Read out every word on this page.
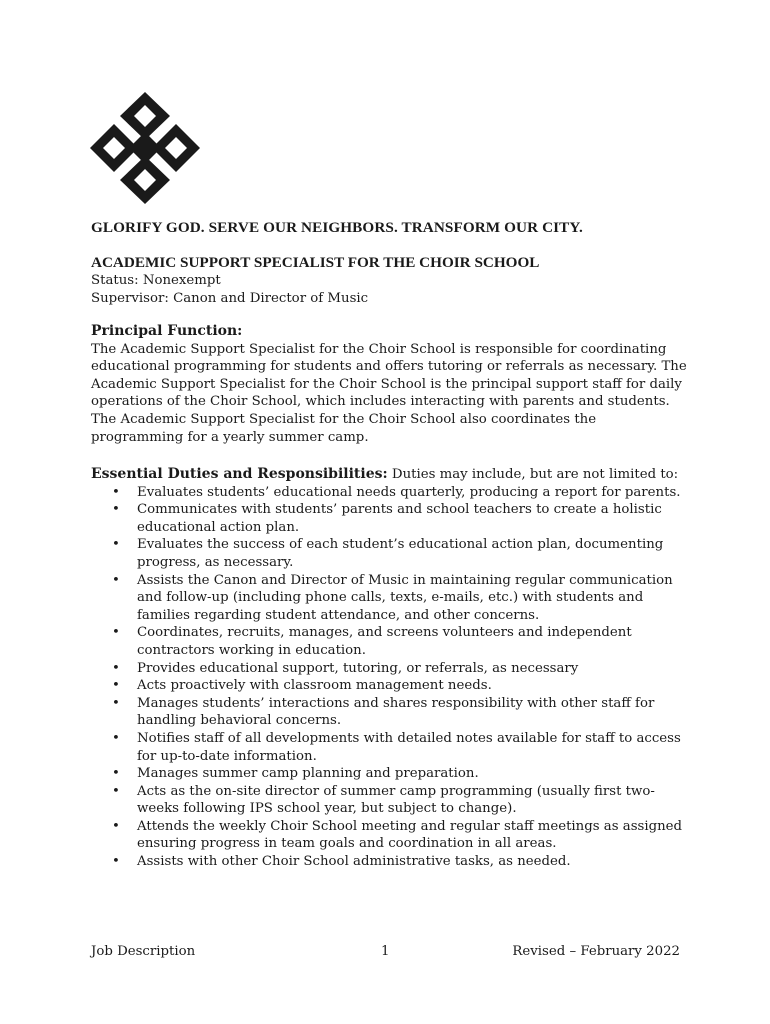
GLORIFY GOD. SERVE OUR NEIGHBORS. TRANSFORM OUR CITY.
ACADEMIC SUPPORT SPECIALIST FOR THE CHOIR SCHOOL
Status: Nonexempt
Supervisor: Canon and Director of Music
Principal Function:

The Academic Support Specialist for the Choir School is responsible for coordinating educational programming for students and offers tutoring or referrals as necessary. The Academic Support Specialist for the Choir School is the principal support staff for daily operations of the Choir School, which includes interacting with parents and students. The Academic Support Specialist for the Choir School also coordinates the programming for a yearly summer camp.

Essential Duties and Responsibilities: Duties may include, but are not limited to:
• Evaluates students’ educational needs quarterly, producing a report for parents.
• Communicates with students’ parents and school teachers to create a holistic educational action plan.
• Evaluates the success of each student’s educational action plan, documenting progress, as necessary.
• Assists the Canon and Director of Music in maintaining regular communication and follow-up (including phone calls, texts, e-mails, etc.) with students and families regarding student attendance, and other concerns.
• Coordinates, recruits, manages, and screens volunteers and independent contractors working in education.
• Provides educational support, tutoring, or referrals, as necessary
• Acts proactively with classroom management needs.
• Manages students’ interactions and shares responsibility with other staff for handling behavioral concerns.
• Notifies staff of all developments with detailed notes available for staff to access for up-to-date information.
• Manages summer camp planning and preparation.
• Acts as the on-site director of summer camp programming (usually first two-weeks following IPS school year, but subject to change).
• Attends the weekly Choir School meeting and regular staff meetings as assigned ensuring progress in team goals and coordination in all areas.
• Assists with other Choir School administrative tasks, as needed.
Job Description	1	Revised – February 2022
